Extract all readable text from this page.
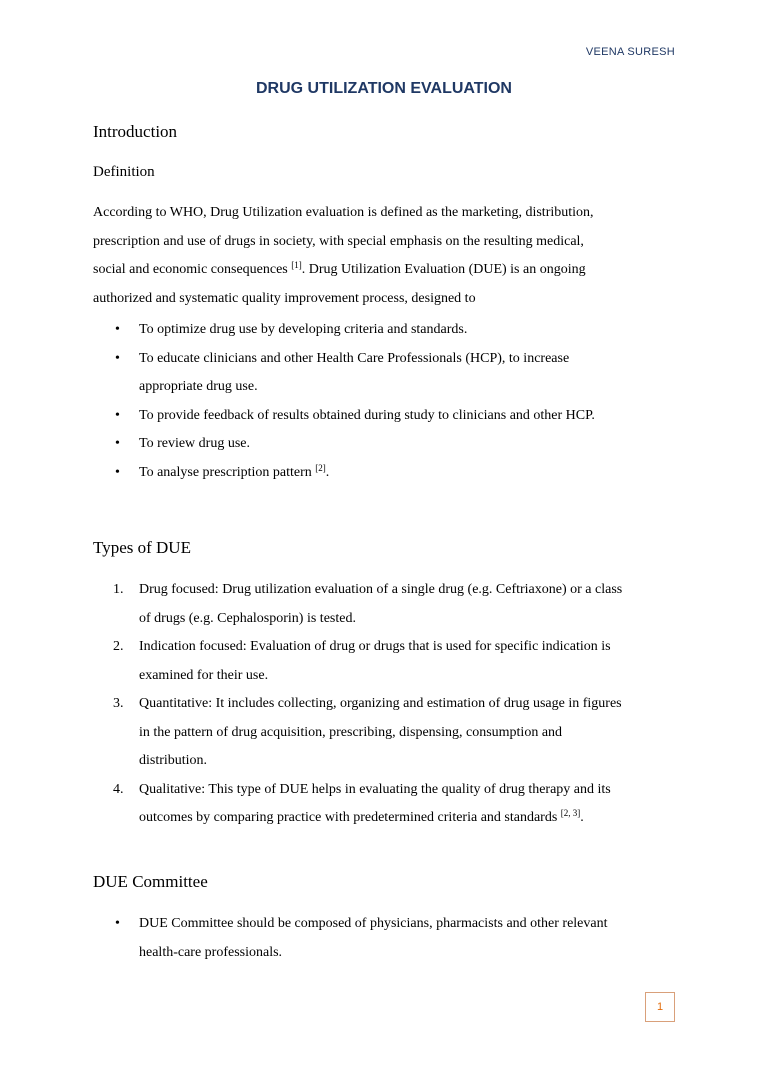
VEENA SURESH
DRUG UTILIZATION EVALUATION
Introduction
Definition
According to WHO, Drug Utilization evaluation is defined as the marketing, distribution,
prescription and use of drugs in society, with special emphasis on the resulting medical,
social and economic consequences [1]. Drug Utilization Evaluation (DUE) is an ongoing
authorized and systematic quality improvement process, designed to
• To optimize drug use by developing criteria and standards.
• To educate clinicians and other Health Care Professionals (HCP), to increase
appropriate drug use.
• To provide feedback of results obtained during study to clinicians and other HCP.
• To review drug use.
• To analyse prescription pattern [2].
Types of DUE
1. Drug focused: Drug utilization evaluation of a single drug (e.g. Ceftriaxone) or a class
of drugs (e.g. Cephalosporin) is tested.
2. Indication focused: Evaluation of drug or drugs that is used for specific indication is
examined for their use.
3. Quantitative: It includes collecting, organizing and estimation of drug usage in figures
in the pattern of drug acquisition, prescribing, dispensing, consumption and
distribution.
4. Qualitative: This type of DUE helps in evaluating the quality of drug therapy and its
outcomes by comparing practice with predetermined criteria and standards [2, 3].
DUE Committee
• DUE Committee should be composed of physicians, pharmacists and other relevant
health-care professionals.
1
